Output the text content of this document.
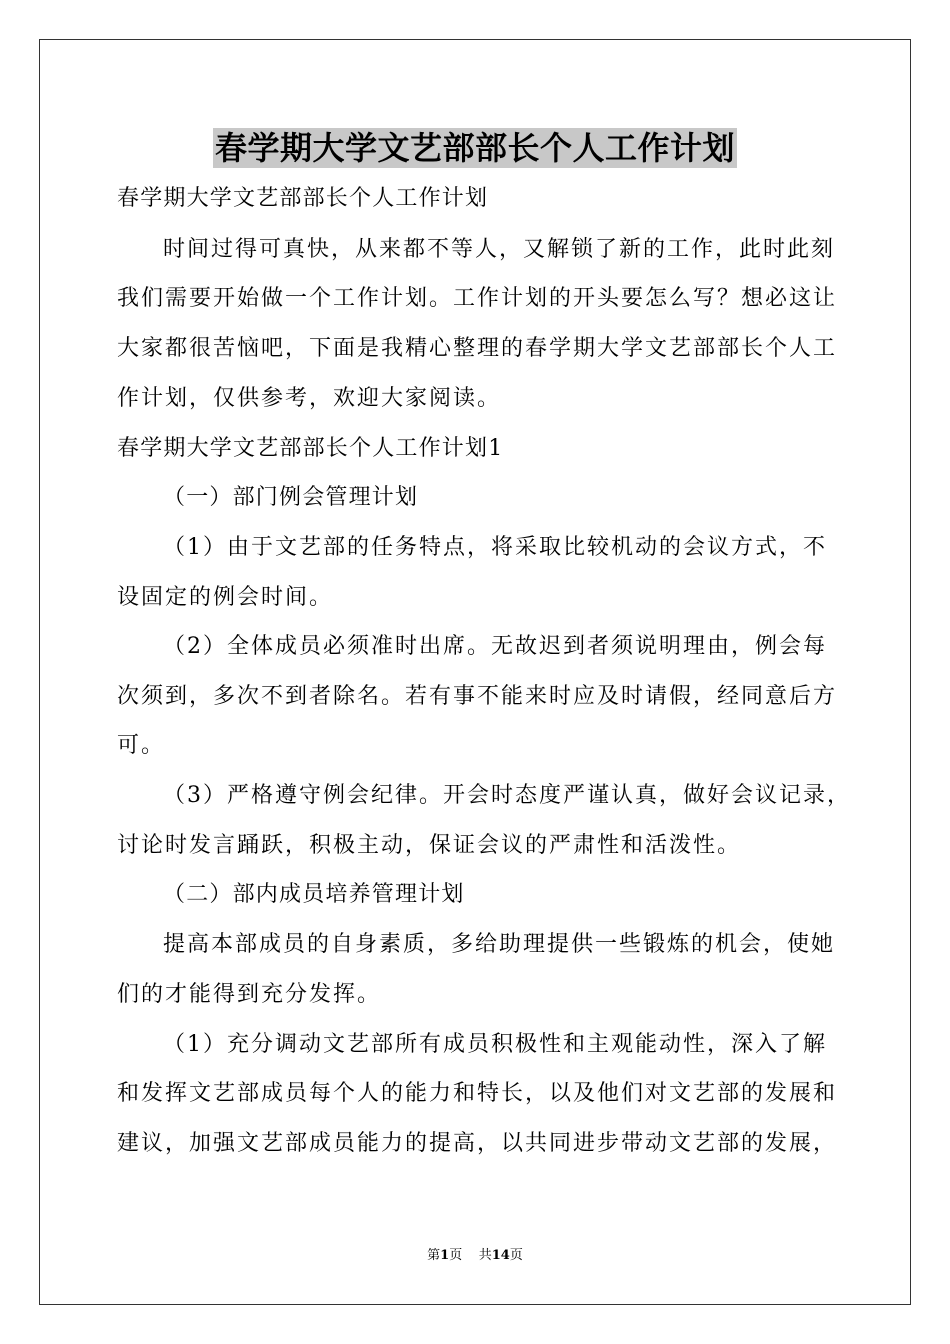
春学期大学文艺部部长个人工作计划
春学期大学文艺部部长个人工作计划
时间过得可真快，从来都不等人，又解锁了新的工作，此时此刻
我们需要开始做一个工作计划。工作计划的开头要怎么写？想必这让
大家都很苦恼吧，下面是我精心整理的春学期大学文艺部部长个人工
作计划，仅供参考，欢迎大家阅读。
春学期大学文艺部部长个人工作计划1
（一）部门例会管理计划
（1）由于文艺部的任务特点，将采取比较机动的会议方式，不
设固定的例会时间。
（2）全体成员必须准时出席。无故迟到者须说明理由，例会每
次须到，多次不到者除名。若有事不能来时应及时请假，经同意后方
可。
（3）严格遵守例会纪律。开会时态度严谨认真，做好会议记录，
讨论时发言踊跃，积极主动，保证会议的严肃性和活泼性。
（二）部内成员培养管理计划
提高本部成员的自身素质，多给助理提供一些锻炼的机会，使她
们的才能得到充分发挥。
（1）充分调动文艺部所有成员积极性和主观能动性，深入了解
和发挥文艺部成员每个人的能力和特长，以及他们对文艺部的发展和
建议，加强文艺部成员能力的提高，以共同进步带动文艺部的发展，
第1页 共14页
